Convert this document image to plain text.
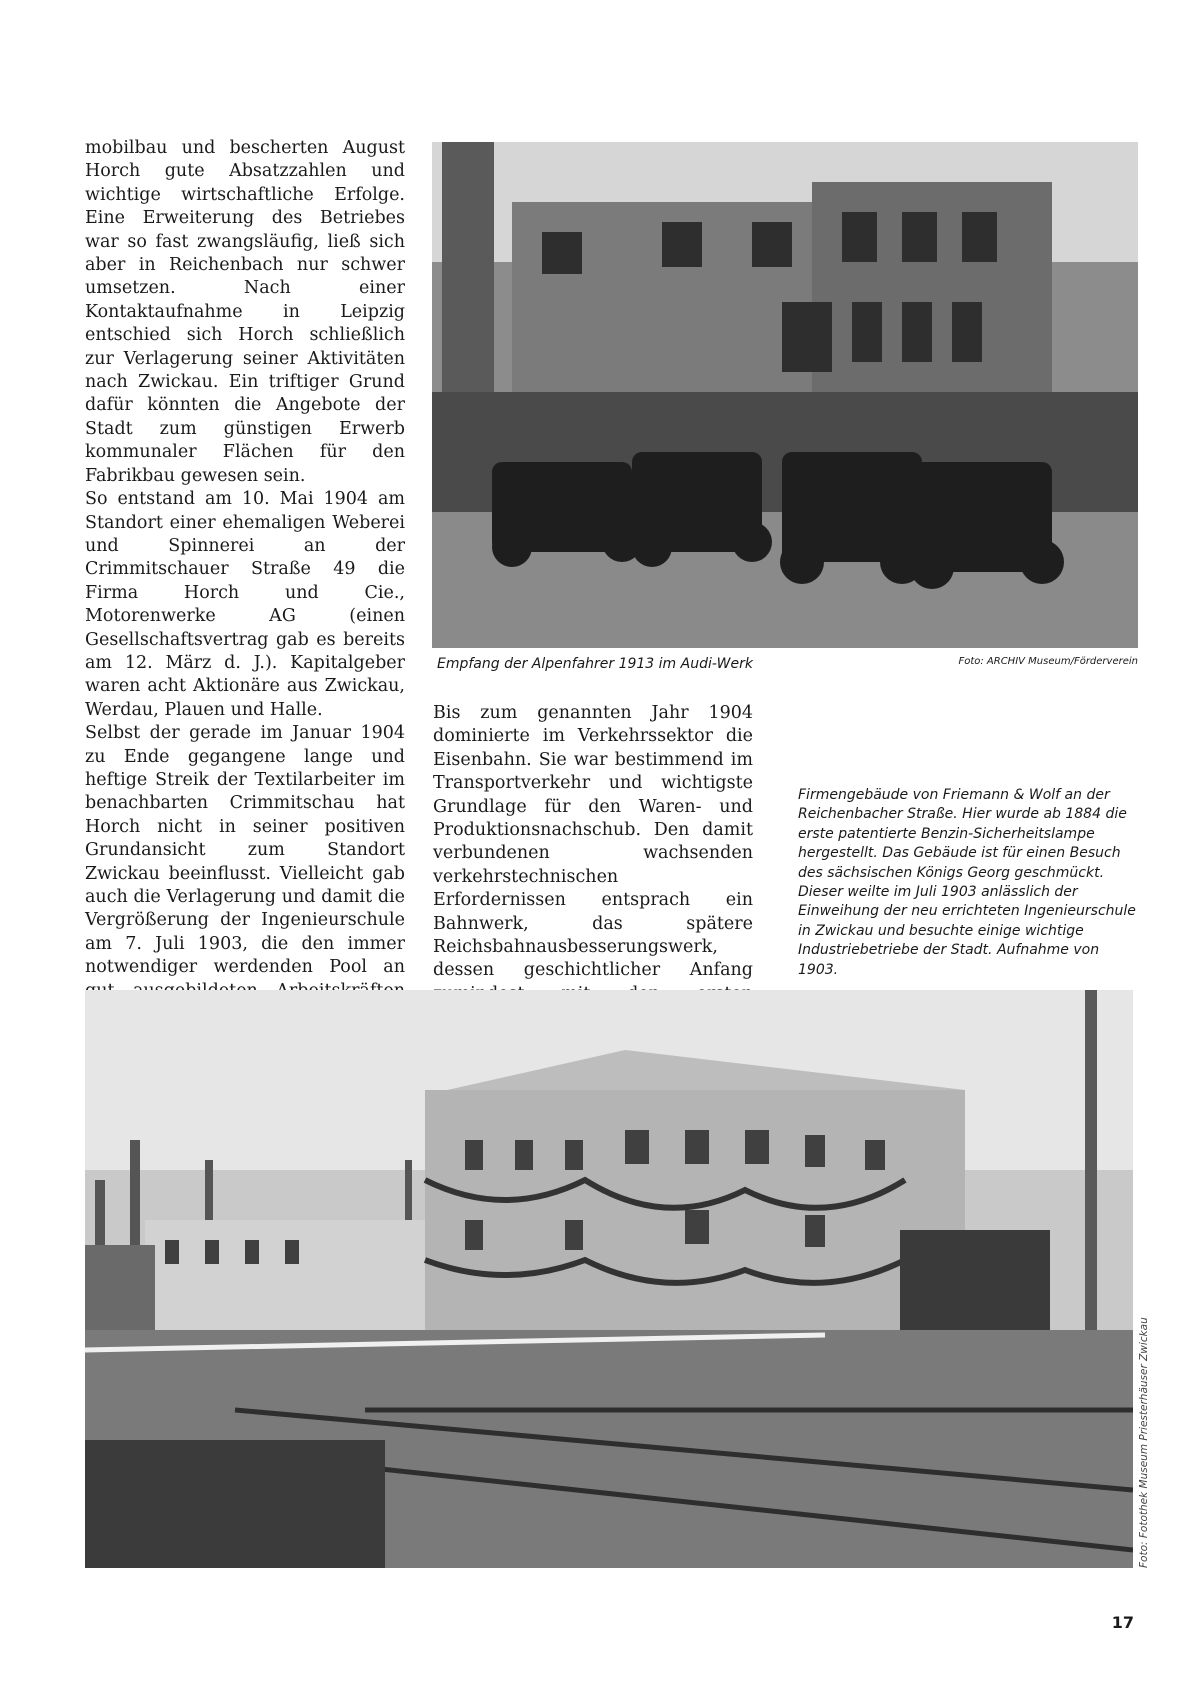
mobilbau und bescherten August Horch gute Absatzzahlen und wichtige wirtschaftliche Erfolge. Eine Erweiterung des Betriebes war so fast zwangsläufig, ließ sich aber in Reichenbach nur schwer umsetzen. Nach einer Kontaktaufnahme in Leipzig entschied sich Horch schließlich zur Verlagerung seiner Aktivitäten nach Zwickau. Ein triftiger Grund dafür könnten die Angebote der Stadt zum günstigen Erwerb kommunaler Flächen für den Fabrikbau gewesen sein.

So entstand am 10. Mai 1904 am Standort einer ehemaligen Weberei und Spinnerei an der Crimmitschauer Straße 49 die Firma Horch und Cie., Motorenwerke AG (einen Gesellschaftsvertrag gab es bereits am 12. März d. J.). Kapitalgeber waren acht Aktionäre aus Zwickau, Werdau, Plauen und Halle.

Selbst der gerade im Januar 1904 zu Ende gegangene lange und heftige Streik der Textilarbeiter im benachbarten Crimmitschau hat Horch nicht in seiner positiven Grundansicht zum Standort Zwickau beeinflusst. Vielleicht gab auch die Verlagerung und damit die Vergrößerung der Ingenieurschule am 7. Juli 1903, die den immer notwendiger werdenden Pool an

Empfang der Alpenfahrer 1913 im Audi-Werk	Foto: ARCHIV Museum/Förderverein

Bis zum genannten Jahr 1904 dominierte im Verkehrssektor die Eisenbahn. Sie war bestimmend im Transportverkehr und wichtigste Grundlage für den Waren- und Produktionsnachschub. Den damit verbundenen wachsenden verkehrstechnischen Erfordernissen entsprach ein Bahnwerk, das spätere Reichsbahnausbesserungswerk, dessen geschichtlicher Anfang

Firmengebäude von Friemann & Wolf an der Reichenbacher Straße. Hier wurde ab 1884 die erste patentierte Benzin-Sicherheitslampe hergestellt. Das Gebäude ist für einen Besuch des sächsischen Königs Georg geschmückt. Dieser weilte im Juli 1903 anlässlich der Einweihung der neu errichteten Ingenieurschule in Zwickau und besuchte einige wichtige Industriebetriebe der Stadt. Aufnahme von 1903.
Foto: Fotothek Museum Priesterhäuser Zwickau
17
